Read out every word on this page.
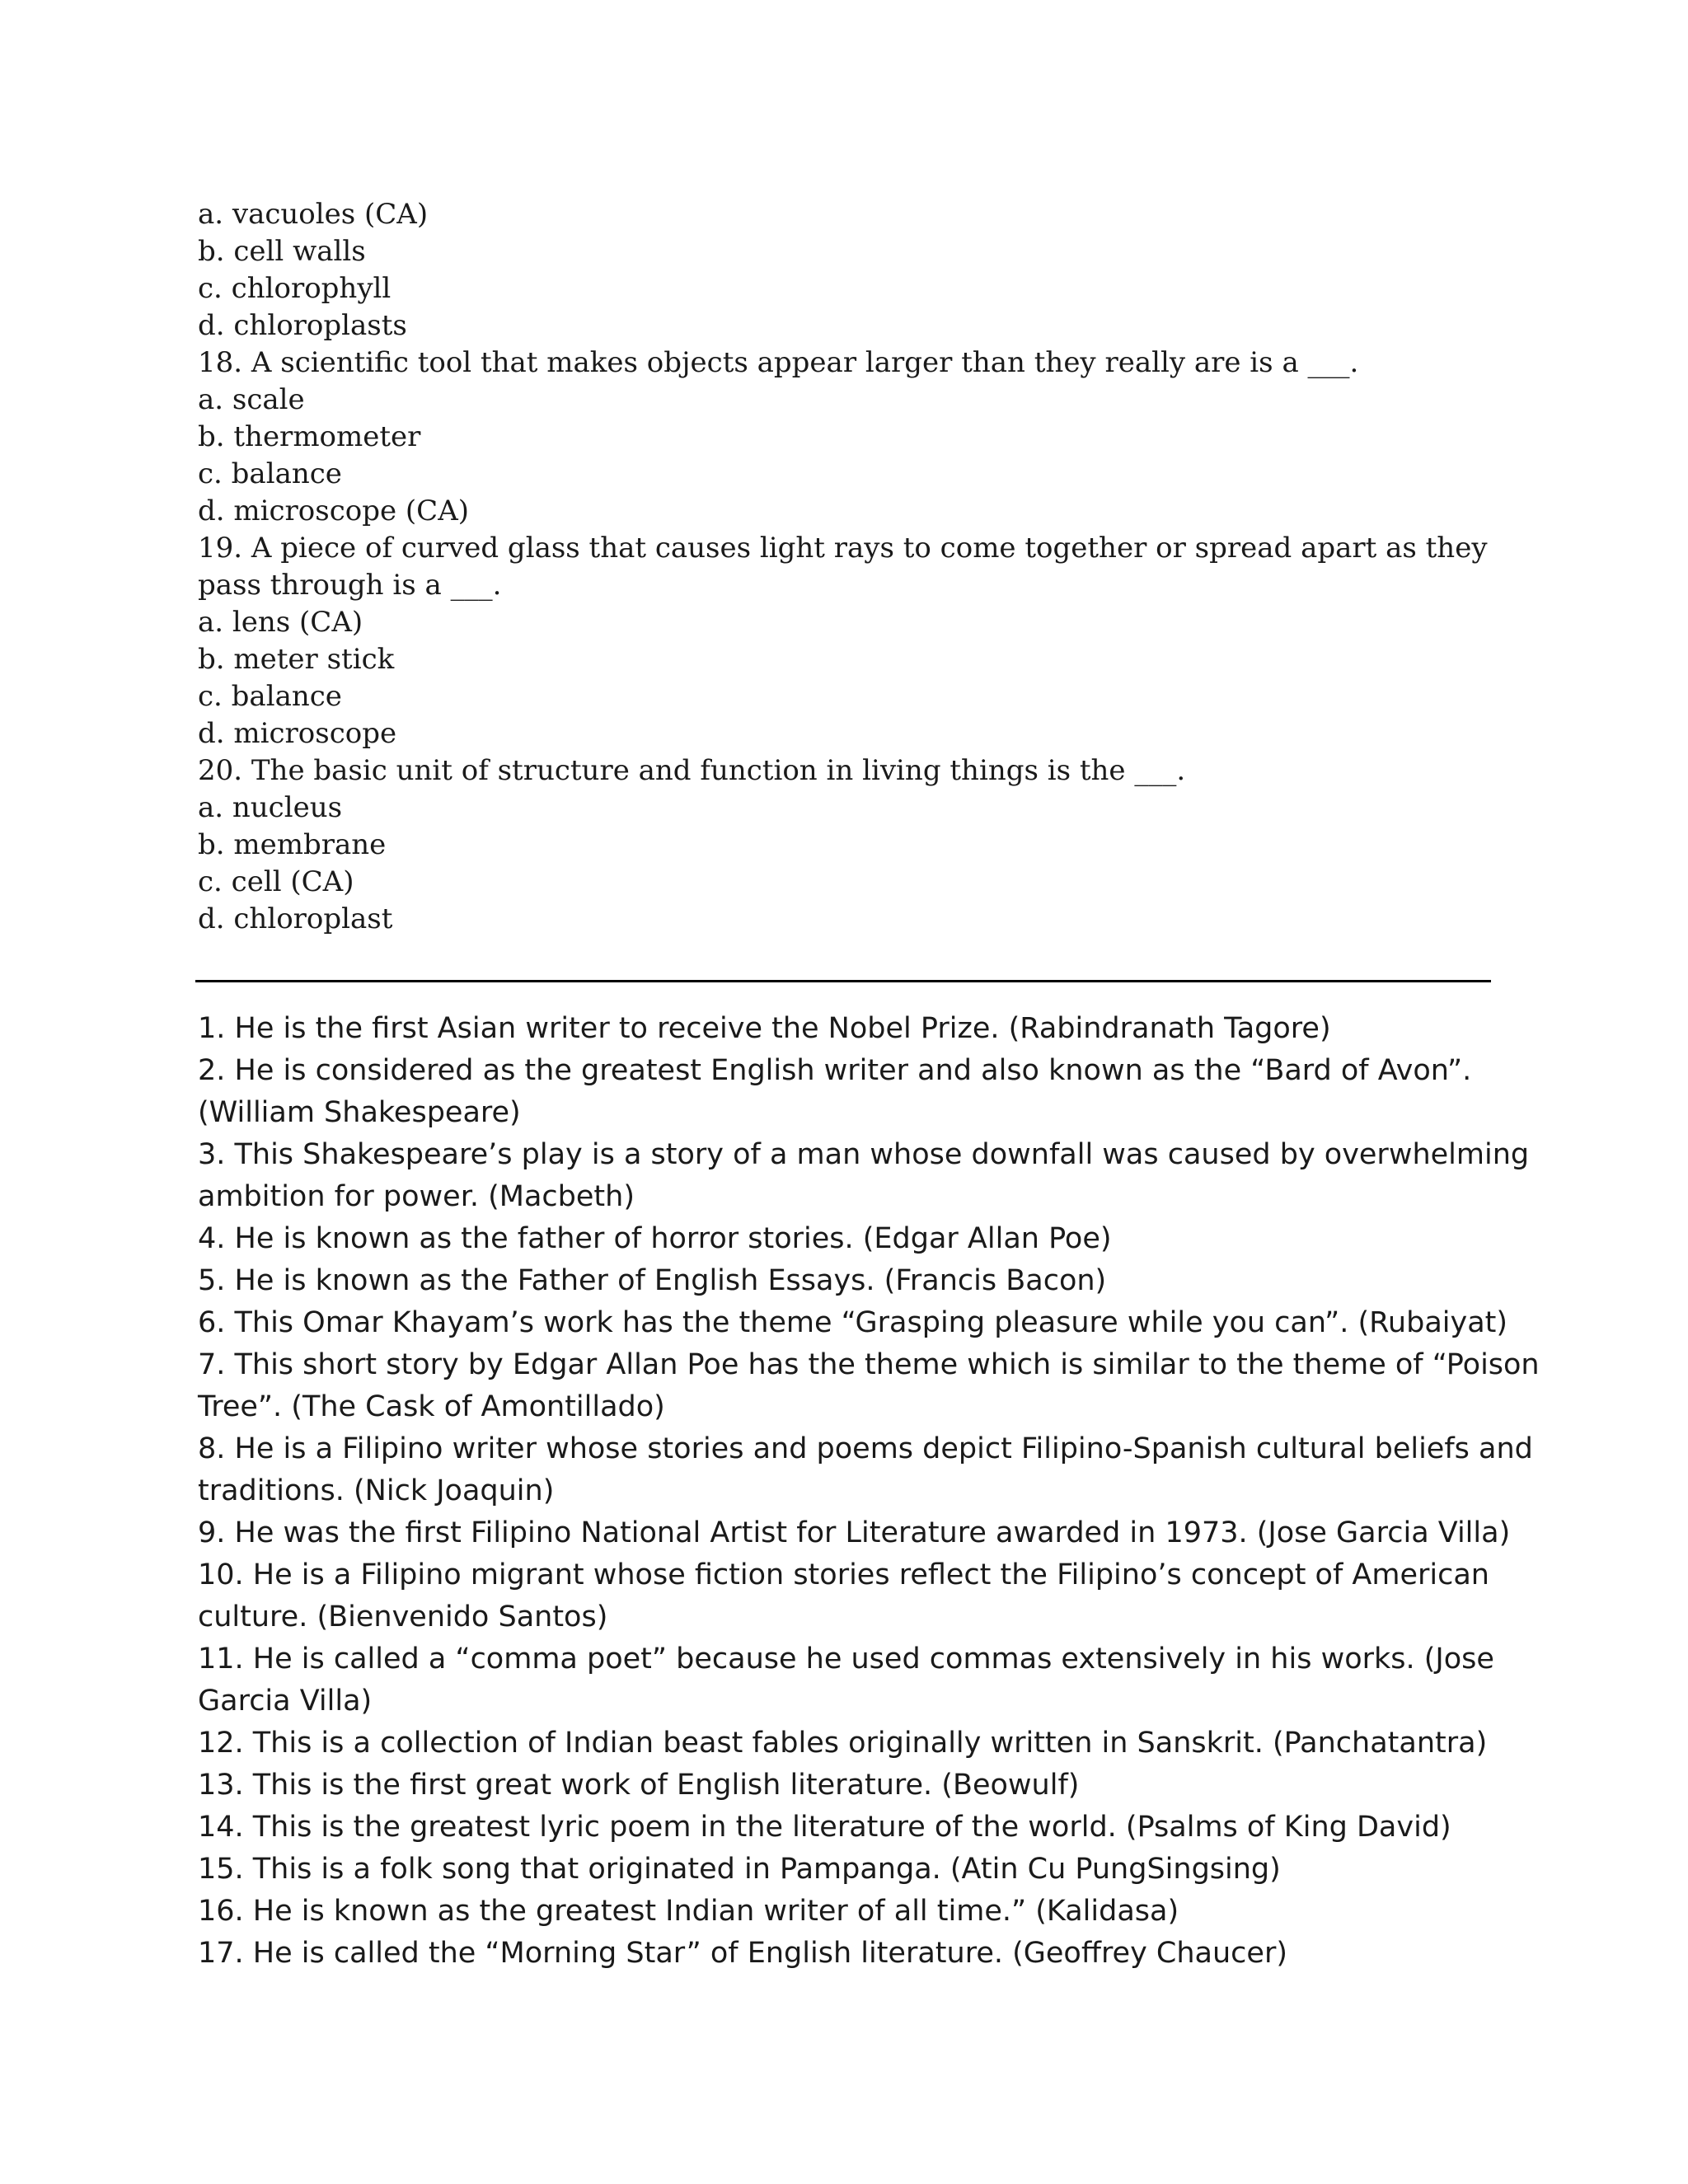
a. vacuoles (CA)
b. cell walls
c. chlorophyll
d. chloroplasts
18. A scientific tool that makes objects appear larger than they really are is a ___.
a. scale
b. thermometer
c. balance
d. microscope (CA)
19. A piece of curved glass that causes light rays to come together or spread apart as they
pass through is a ___.
a. lens (CA)
b. meter stick
c. balance
d. microscope
20. The basic unit of structure and function in living things is the ___.
a. nucleus
b. membrane
c. cell (CA)
d. chloroplast
1. He is the first Asian writer to receive the Nobel Prize. (Rabindranath Tagore)
2. He is considered as the greatest English writer and also known as the “Bard of Avon”.
(William Shakespeare)
3. This Shakespeare’s play is a story of a man whose downfall was caused by overwhelming
ambition for power. (Macbeth)
4. He is known as the father of horror stories. (Edgar Allan Poe)
5. He is known as the Father of English Essays. (Francis Bacon)
6. This Omar Khayam’s work has the theme “Grasping pleasure while you can”. (Rubaiyat)
7. This short story by Edgar Allan Poe has the theme which is similar to the theme of “Poison
Tree”. (The Cask of Amontillado)
8. He is a Filipino writer whose stories and poems depict Filipino-Spanish cultural beliefs and
traditions. (Nick Joaquin)
9. He was the first Filipino National Artist for Literature awarded in 1973. (Jose Garcia Villa)
10. He is a Filipino migrant whose fiction stories reflect the Filipino’s concept of American
culture. (Bienvenido Santos)
11. He is called a “comma poet” because he used commas extensively in his works. (Jose
Garcia Villa)
12. This is a collection of Indian beast fables originally written in Sanskrit. (Panchatantra)
13. This is the first great work of English literature. (Beowulf)
14. This is the greatest lyric poem in the literature of the world. (Psalms of King David)
15. This is a folk song that originated in Pampanga. (Atin Cu PungSingsing)
16. He is known as the greatest Indian writer of all time.” (Kalidasa)
17. He is called the “Morning Star” of English literature. (Geoffrey Chaucer)
